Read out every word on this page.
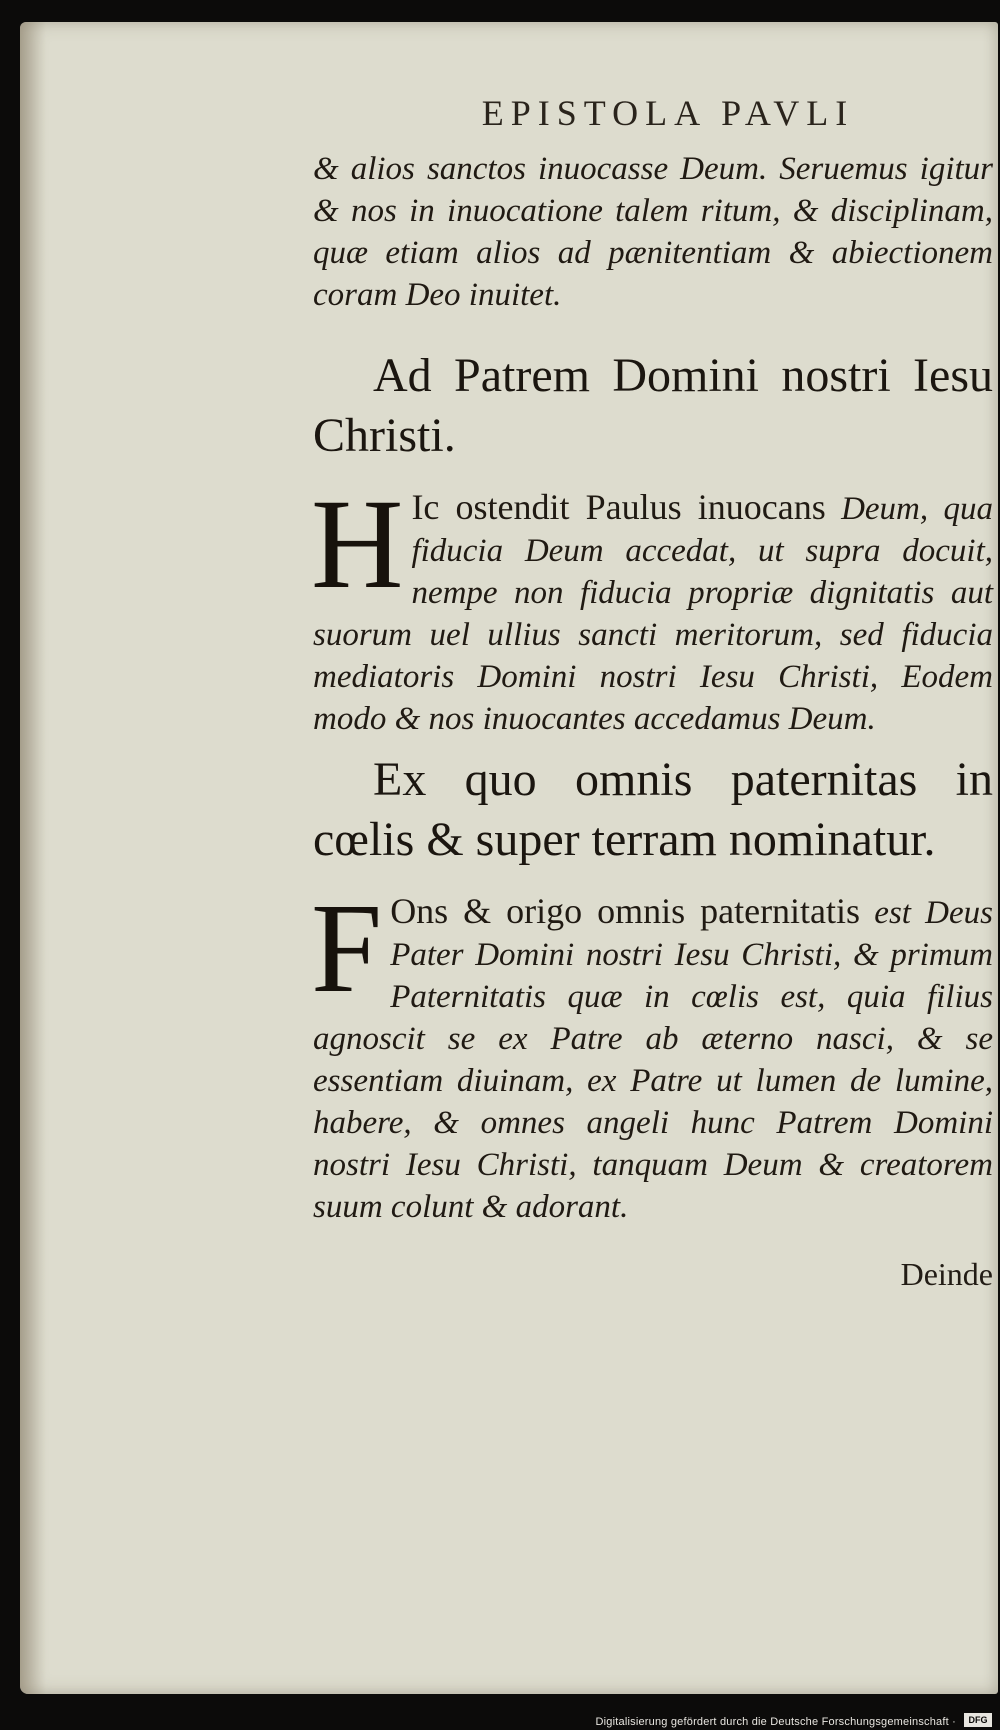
EPISTOLA PAVLI

& alios sanctos inuocasse Deum. Seruemus igitur & nos in inuocatione talem ritum, & disciplinam, quæ etiam alios ad pænitentiam & abiectionem coram Deo inuitet.

Ad Patrem Domini nostri Iesu Christi.
H Ic ostendit Paulus inuocans Deum, qua fiducia Deum accedat, ut supra docuit, nempe non fiducia propriæ dignitatis aut suorum uel ullius sancti meritorum, sed fiducia mediatoris Domini nostri Iesu Christi, Eodem modo & nos inuocantes accedamus Deum.

Ex quo omnis paternitas in cœlis & super terram nominatur.
F Ons & origo omnis paternitatis est Deus Pater Domini nostri Iesu Christi, & primum Paternitatis quæ in cœlis est, quia filius agnoscit se ex Patre ab æterno nasci, & se essentiam diuinam, ex Patre ut lumen de lumine, habere, & omnes angeli hunc Patrem Domini nostri Iesu Christi, tanquam Deum & creatorem suum colunt & adorant.

Deinde
Digitalisierung gefördert durch die Deutsche Forschungsgemeinschaft ·	DFG
